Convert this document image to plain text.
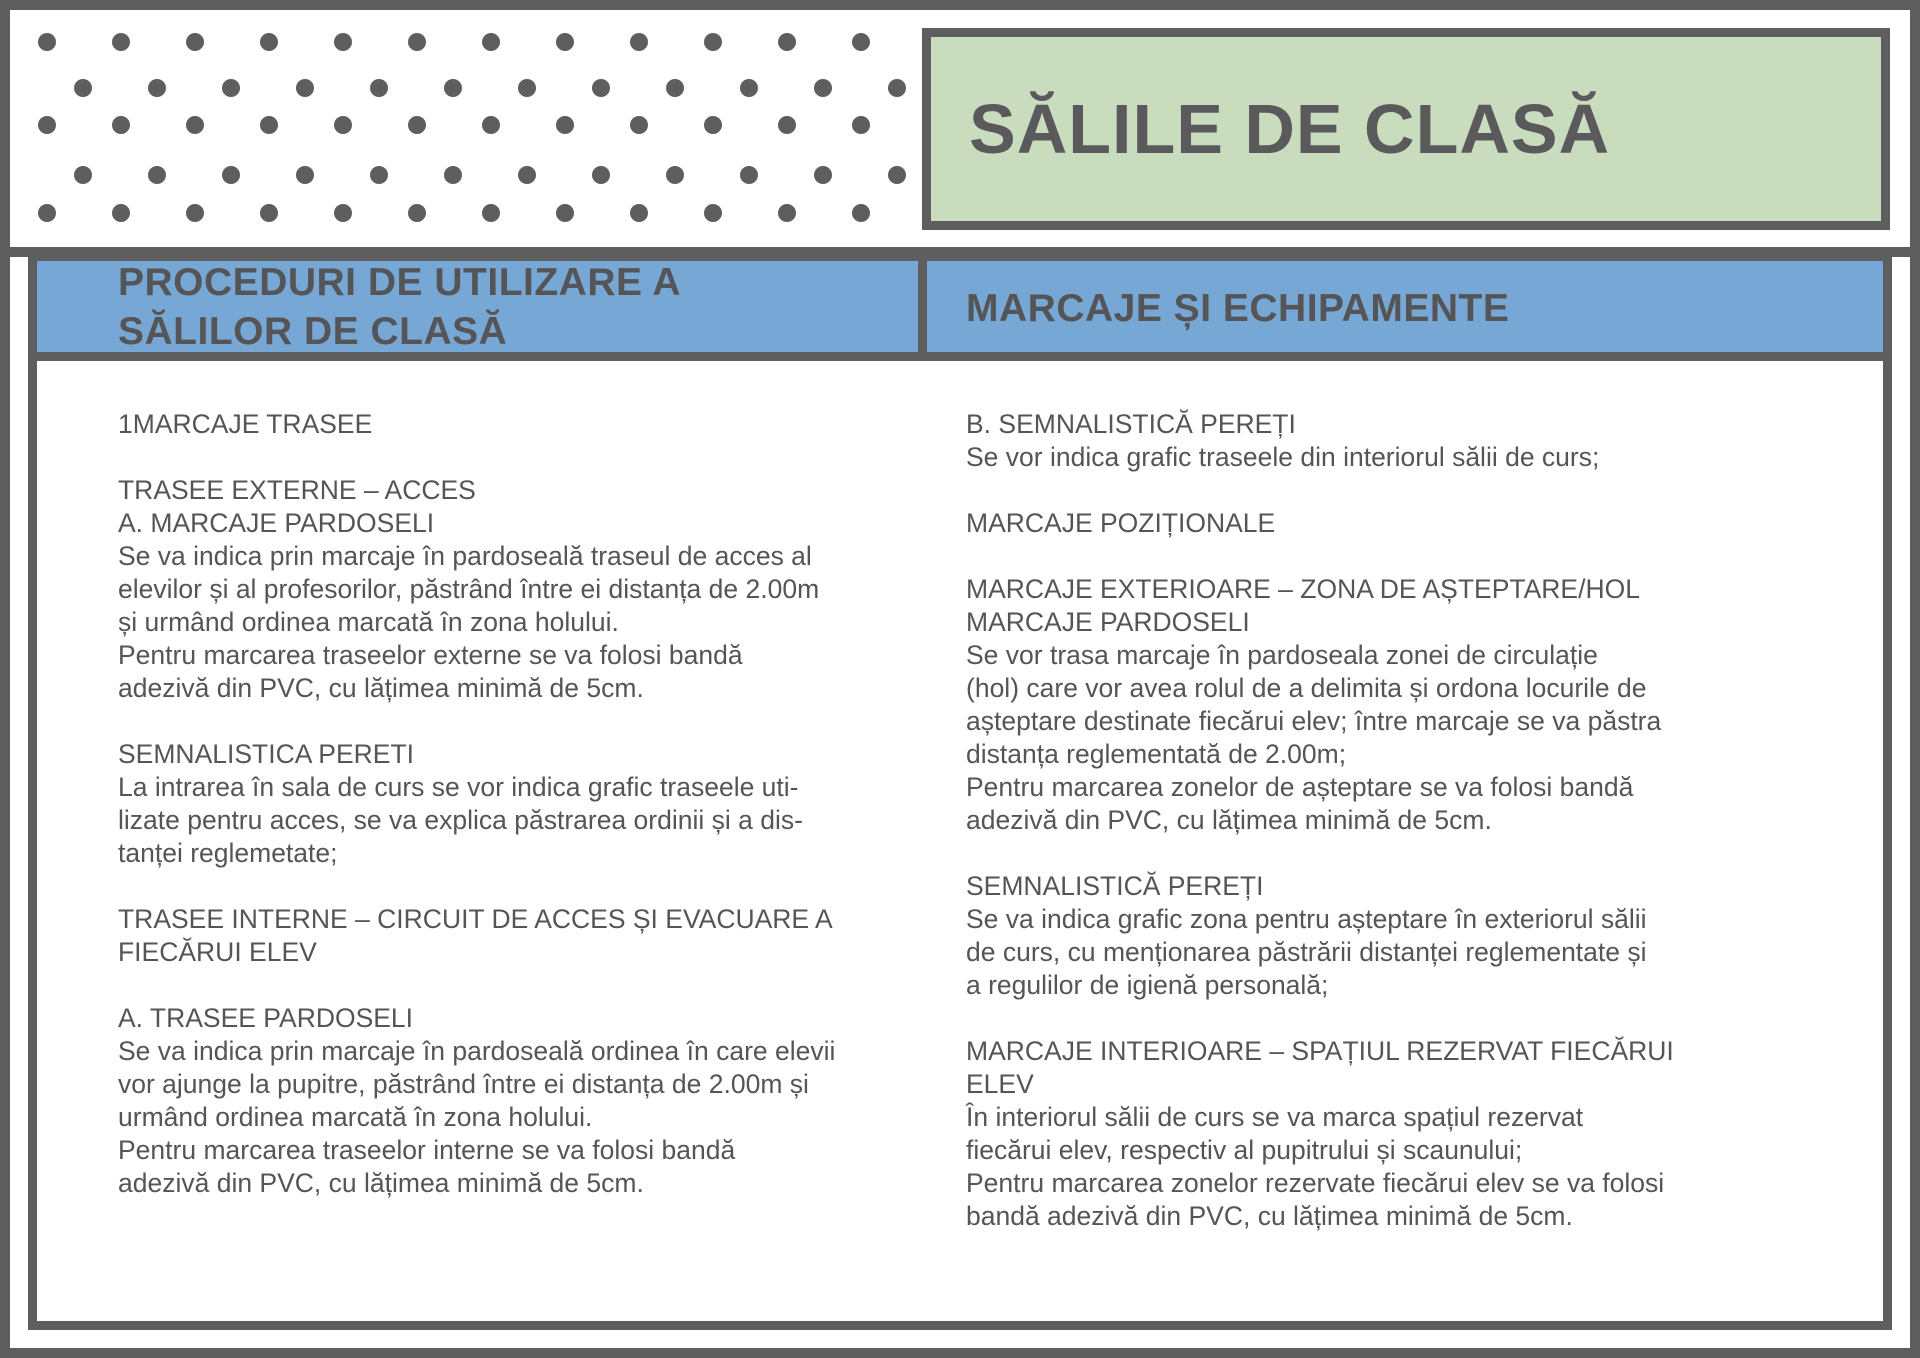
SĂLILE DE CLASĂ
PROCEDURI DE UTILIZARE A
SĂLILOR DE CLASĂ
MARCAJE ȘI ECHIPAMENTE
1MARCAJE TRASEE
TRASEE EXTERNE – ACCES
A. MARCAJE PARDOSELI
Se va indica prin marcaje în pardoseală traseul de acces al
elevilor și al profesorilor, păstrând între ei distanța de 2.00m
și urmând ordinea marcată în zona holului.
Pentru marcarea traseelor externe se va folosi bandă
adezivă din PVC, cu lățimea minimă de 5cm.
SEMNALISTICA PERETI
La intrarea în sala de curs se vor indica grafic traseele uti-
lizate pentru acces, se va explica păstrarea ordinii și a dis-
tanței reglemetate;
TRASEE INTERNE – CIRCUIT DE ACCES ȘI EVACUARE A
FIECĂRUI ELEV
A. TRASEE PARDOSELI
Se va indica prin marcaje în pardoseală ordinea în care elevii
vor ajunge la pupitre, păstrând între ei distanța de 2.00m și
urmând ordinea marcată în zona holului.
Pentru marcarea traseelor interne se va folosi bandă
adezivă din PVC, cu lățimea minimă de 5cm.
B. SEMNALISTICĂ PEREȚI
Se vor indica grafic traseele din interiorul sălii de curs;
MARCAJE POZIȚIONALE
MARCAJE EXTERIOARE – ZONA DE AȘTEPTARE/HOL
MARCAJE PARDOSELI
Se vor trasa marcaje în pardoseala zonei de circulație
(hol) care vor avea rolul de a delimita și ordona locurile de
așteptare destinate fiecărui elev; între marcaje se va păstra
distanța reglementată de 2.00m;
Pentru marcarea zonelor de așteptare se va folosi bandă
adezivă din PVC, cu lățimea minimă de 5cm.
SEMNALISTICĂ PEREȚI
Se va indica grafic zona pentru așteptare în exteriorul sălii
de curs, cu menționarea păstrării distanței reglementate și
a regulilor de igienă personală;
MARCAJE INTERIOARE – SPAȚIUL REZERVAT FIECĂRUI
ELEV
În interiorul sălii de curs se va marca spațiul rezervat
fiecărui elev, respectiv al pupitrului și scaunului;
Pentru marcarea zonelor rezervate fiecărui elev se va folosi
bandă adezivă din PVC, cu lățimea minimă de 5cm.
